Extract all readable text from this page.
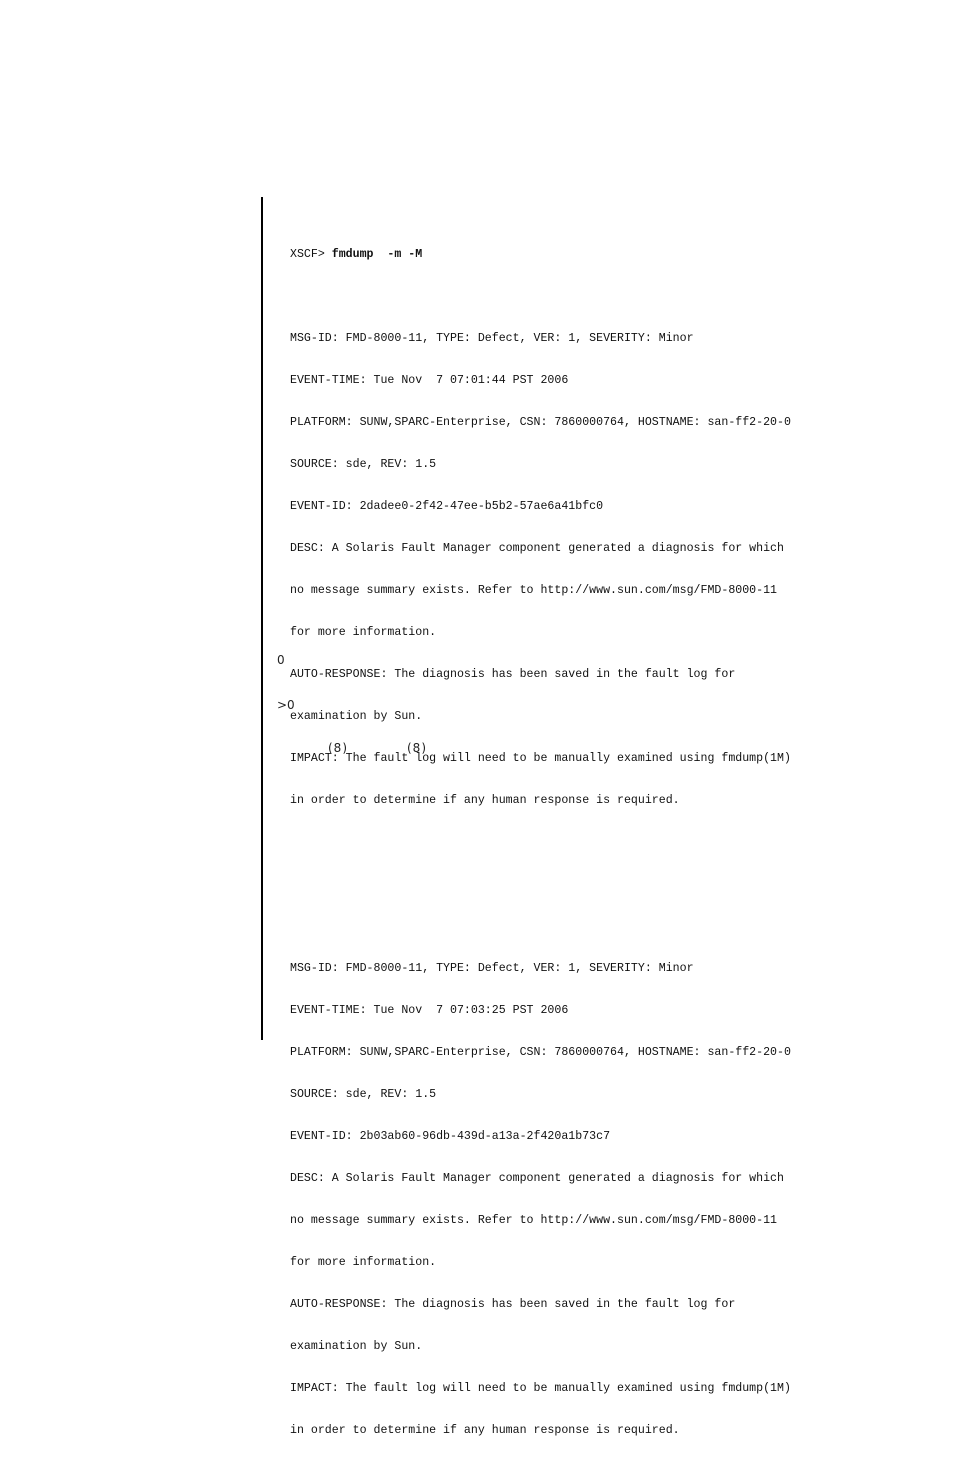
XSCF> fmdump  -m -M

MSG-ID: FMD-8000-11, TYPE: Defect, VER: 1, SEVERITY: Minor

EVENT-TIME: Tue Nov  7 07:01:44 PST 2006

PLATFORM: SUNW,SPARC-Enterprise, CSN: 7860000764, HOSTNAME: san-ff2-20-0

SOURCE: sde, REV: 1.5

EVENT-ID: 2dadee0-2f42-47ee-b5b2-57ae6a41bfc0

DESC: A Solaris Fault Manager component generated a diagnosis for which

no message summary exists. Refer to http://www.sun.com/msg/FMD-8000-11

for more information.

AUTO-RESPONSE: The diagnosis has been saved in the fault log for

examination by Sun.

IMPACT: The fault log will need to be manually examined using fmdump(1M)

in order to determine if any human response is required.

MSG-ID: FMD-8000-11, TYPE: Defect, VER: 1, SEVERITY: Minor

EVENT-TIME: Tue Nov  7 07:03:25 PST 2006

PLATFORM: SUNW,SPARC-Enterprise, CSN: 7860000764, HOSTNAME: san-ff2-20-0

SOURCE: sde, REV: 1.5

EVENT-ID: 2b03ab60-96db-439d-a13a-2f420a1b73c7

DESC: A Solaris Fault Manager component generated a diagnosis for which

no message summary exists. Refer to http://www.sun.com/msg/FMD-8000-11

for more information.

AUTO-RESPONSE: The diagnosis has been saved in the fault log for

examination by Sun.

IMPACT: The fault log will need to be manually examined using fmdump(1M)

in order to determine if any human response is required.

0
>0
(8)	(8)
